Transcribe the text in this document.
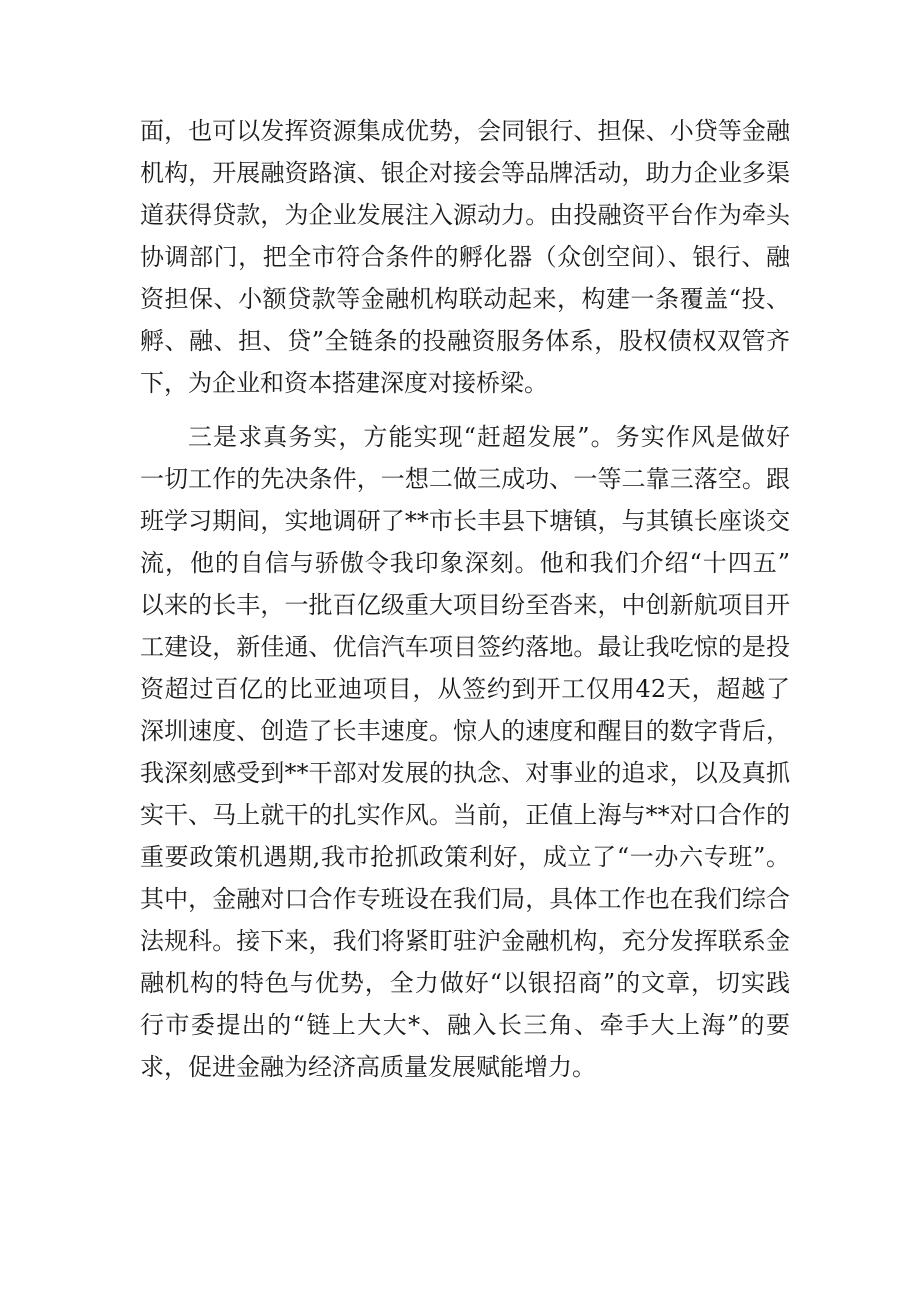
面，也可以发挥资源集成优势，会同银行、担保、小贷等金融
机构，开展融资路演、银企对接会等品牌活动，助力企业多渠
道获得贷款，为企业发展注入源动力。由投融资平台作为牵头
协调部门，把全市符合条件的孵化器（众创空间）、银行、融
资担保、小额贷款等金融机构联动起来，构建一条覆盖“投、
孵、融、担、贷”全链条的投融资服务体系，股权债权双管齐
下，为企业和资本搭建深度对接桥梁。
三是求真务实，方能实现“赶超发展”。务实作风是做好
一切工作的先决条件，一想二做三成功、一等二靠三落空。跟
班学习期间，实地调研了**市长丰县下塘镇，与其镇长座谈交
流，他的自信与骄傲令我印象深刻。他和我们介绍“十四五”
以来的长丰，一批百亿级重大项目纷至沓来，中创新航项目开
工建设，新佳通、优信汽车项目签约落地。最让我吃惊的是投
资超过百亿的比亚迪项目，从签约到开工仅用42天，超越了
深圳速度、创造了长丰速度。惊人的速度和醒目的数字背后，
我深刻感受到**干部对发展的执念、对事业的追求，以及真抓
实干、马上就干的扎实作风。当前，正值上海与**对口合作的
重要政策机遇期,我市抢抓政策利好，成立了“一办六专班”。
其中，金融对口合作专班设在我们局，具体工作也在我们综合
法规科。接下来，我们将紧盯驻沪金融机构，充分发挥联系金
融机构的特色与优势，全力做好“以银招商”的文章，切实践
行市委提出的“链上大大*、融入长三角、牵手大上海”的要
求，促进金融为经济高质量发展赋能增力。
